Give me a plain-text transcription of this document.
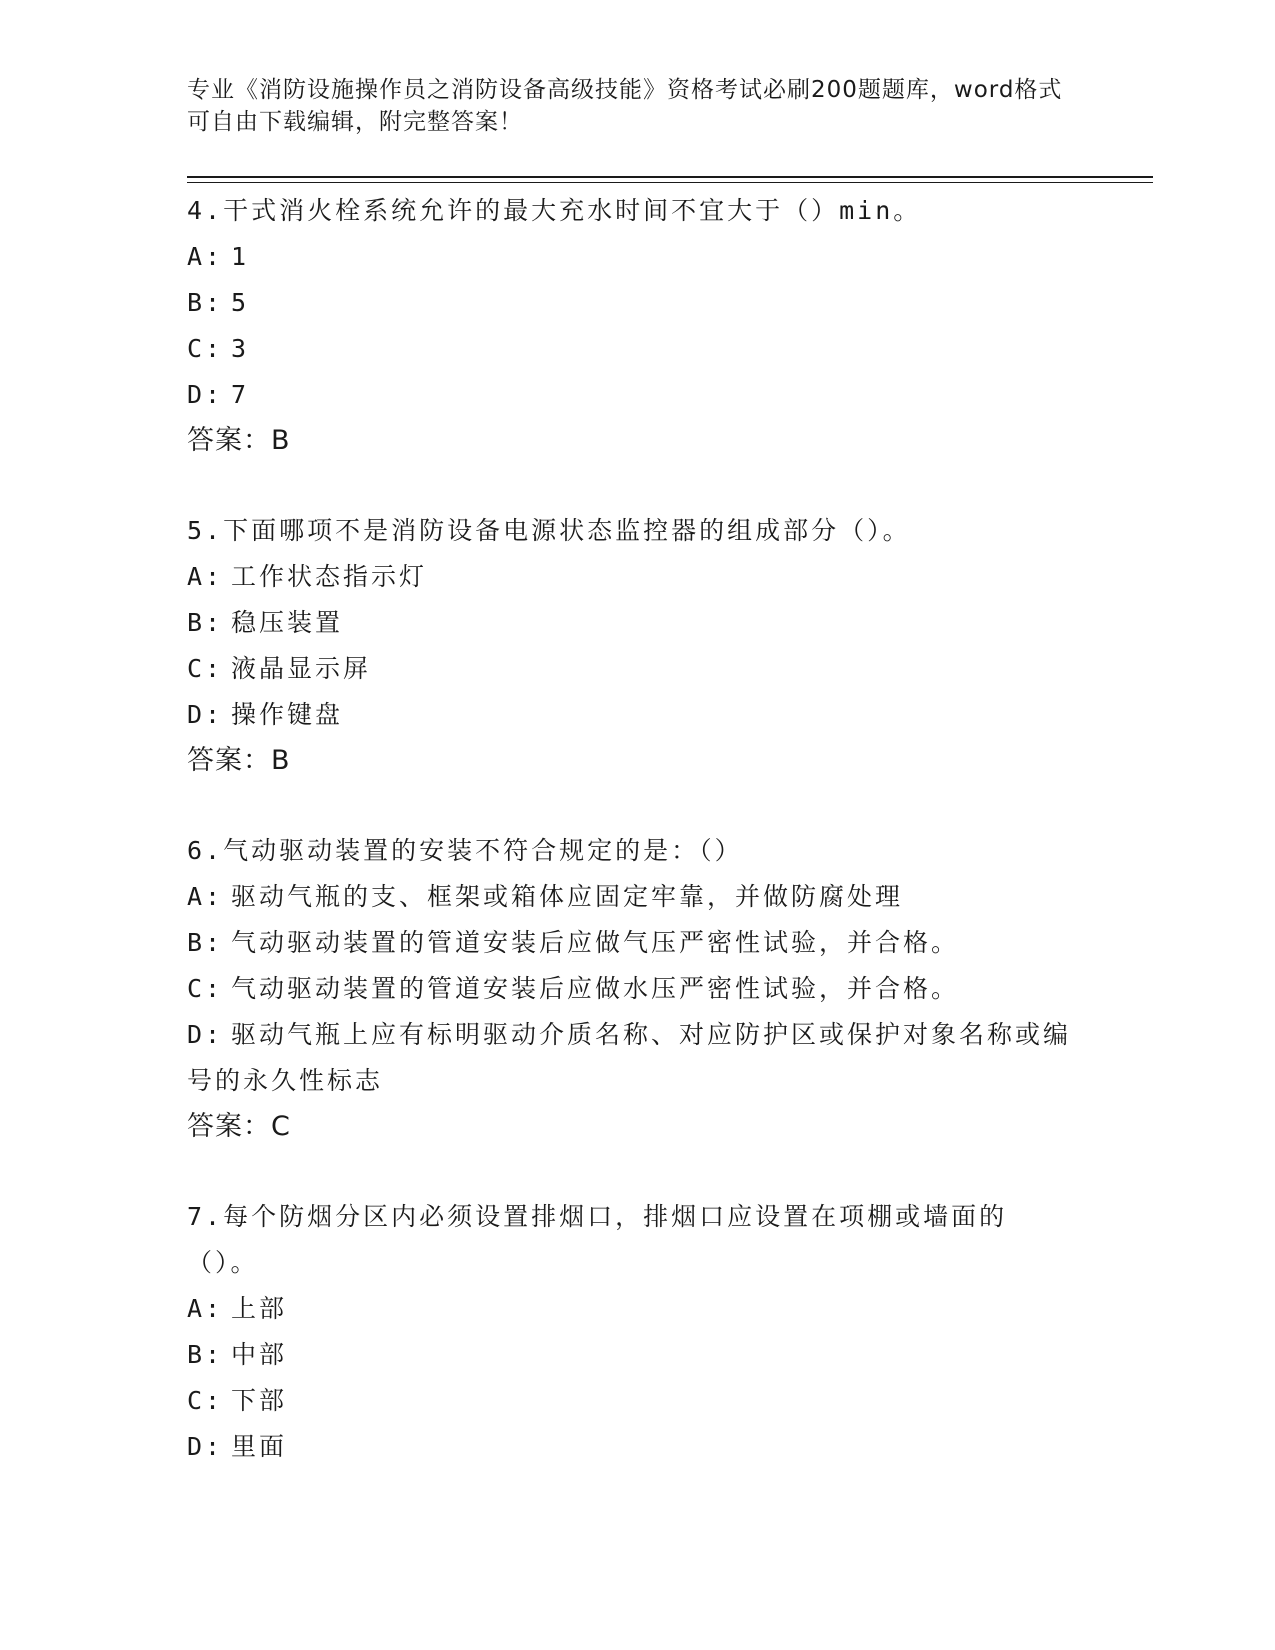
专业《消防设施操作员之消防设备高级技能》资格考试必刷200题题库，word格式可自由下载编辑，附完整答案！
4.干式消火栓系统允许的最大充水时间不宜大于（）min。
A: 1
B: 5
C: 3
D: 7
答案：B
5.下面哪项不是消防设备电源状态监控器的组成部分（）。
A: 工作状态指示灯
B: 稳压装置
C: 液晶显示屏
D: 操作键盘
答案：B
6.气动驱动装置的安装不符合规定的是：（）
A: 驱动气瓶的支、框架或箱体应固定牢靠，并做防腐处理
B: 气动驱动装置的管道安装后应做气压严密性试验，并合格。
C: 气动驱动装置的管道安装后应做水压严密性试验，并合格。
D: 驱动气瓶上应有标明驱动介质名称、对应防护区或保护对象名称或编号的永久性标志
答案：C
7.每个防烟分区内必须设置排烟口，排烟口应设置在项棚或墙面的（）。
A: 上部
B: 中部
C: 下部
D: 里面
